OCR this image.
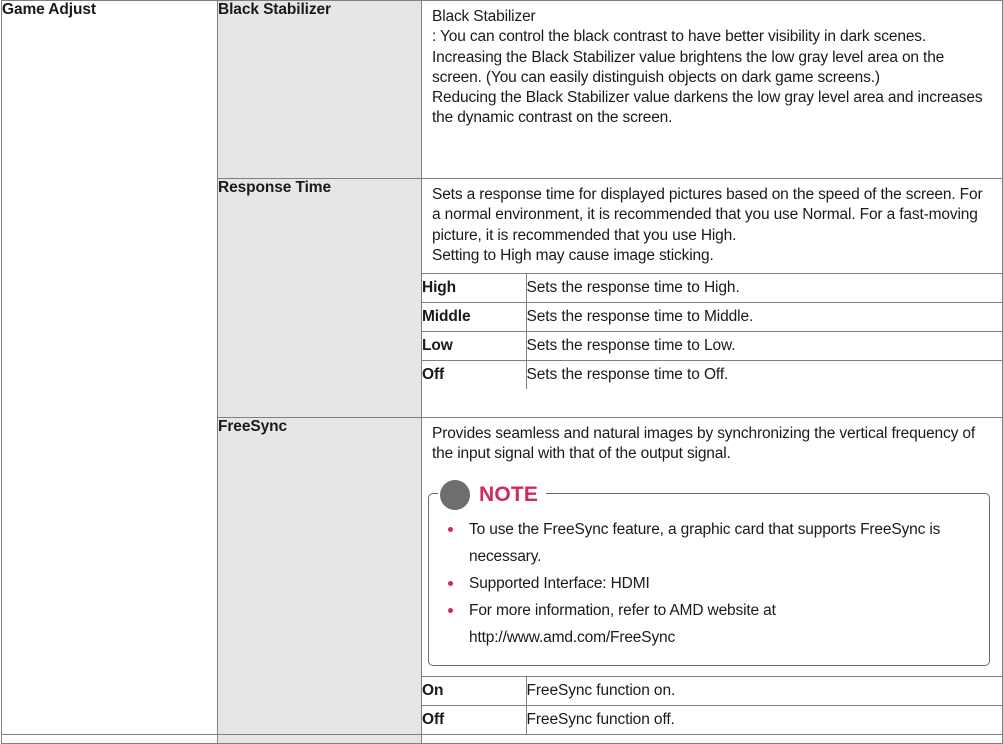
Game Adjust	Black Stabilizer	Black Stabilizer

: You can control the black contrast to have better visibility in dark scenes.

Increasing the Black Stabilizer value brightens the low gray level area on the screen. (You can easily distinguish objects on dark game screens.)

Reducing the Black Stabilizer value darkens the low gray level area and increases the dynamic contrast on the screen.

Response Time	Sets a response time for displayed pictures based on the speed of the screen. For a normal environment, it is recommended that you use Normal. For a fast-moving picture, it is recommended that you use High.

Setting to High may cause image sticking.

High	Sets the response time to High.
Middle	Sets the response time to Middle.
Low	Sets the response time to Low.
Off	Sets the response time to Off.

FreeSync	Provides seamless and natural images by synchronizing the vertical frequency of the input signal with that of the output signal.

To use the FreeSync feature, a graphic card that supports FreeSync is necessary.
Supported Interface: HDMI
For more information, refer to AMD website at http://www.amd.com/FreeSync
NOTE
On	FreeSync function on.
Off	FreeSync function off.
